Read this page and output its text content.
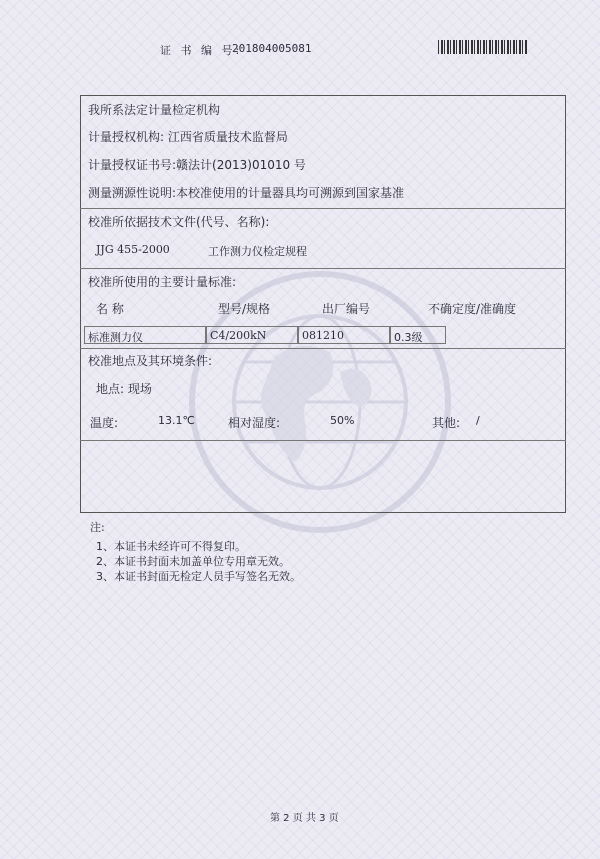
证 书 编 号:
201804005081
我所系法定计量检定机构
计量授权机构: 江西省质量技术监督局
计量授权证书号:赣法计(2013)01010 号
测量溯源性说明:本校准使用的计量器具均可溯源到国家基准
校准所依据技术文件(代号、名称):
JJG 455-2000	工作测力仪检定规程
校准所使用的主要计量标准:
名 称	型号/规格	出厂编号	不确定度/准确度
标准测力仪	C4/200kN	081210	0.3级
校准地点及其环境条件:
地点: 现场
温度:	13.1℃	相对湿度:	50%	其他: /
注:
1、本证书未经许可不得复印。
2、本证书封面未加盖单位专用章无效。
3、本证书封面无检定人员手写签名无效。
第 2 页 共 3 页
